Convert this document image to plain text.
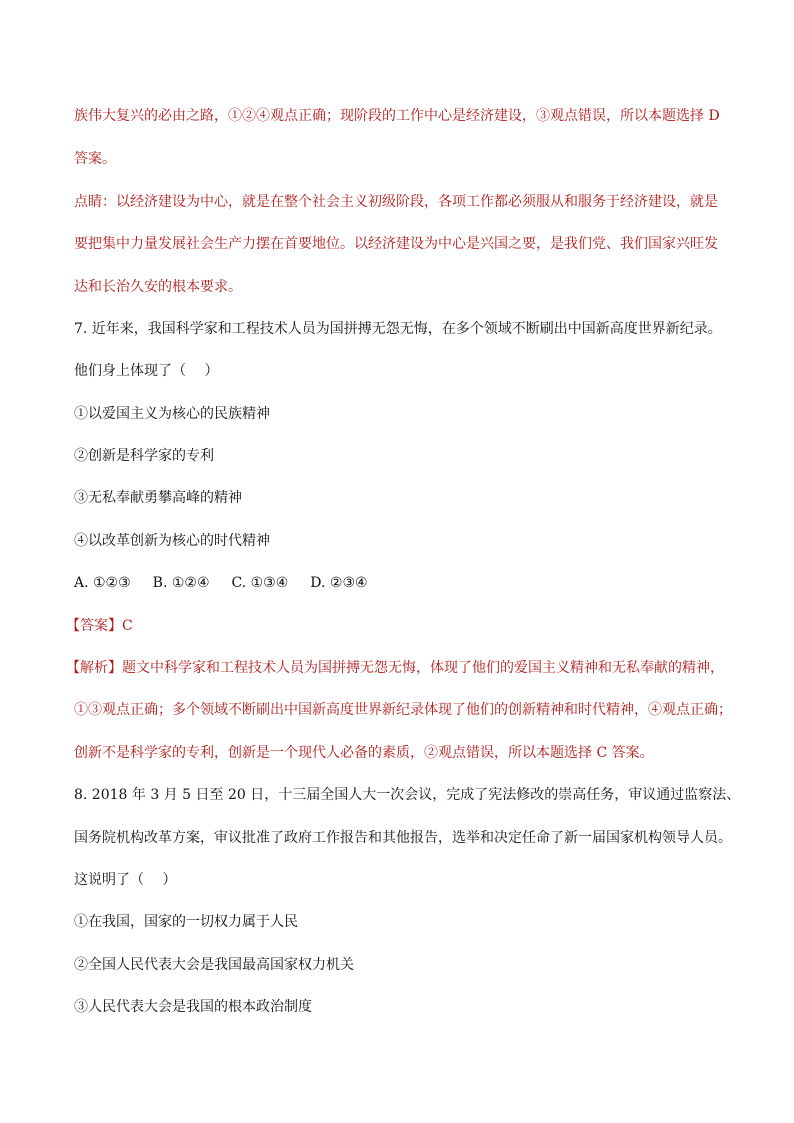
族伟大复兴的必由之路，①②④观点正确；现阶段的工作中心是经济建设，③观点错误，所以本题选择 D
答案。
点睛：以经济建设为中心，就是在整个社会主义初级阶段，各项工作都必须服从和服务于经济建设，就是
要把集中力量发展社会生产力摆在首要地位。以经济建设为中心是兴国之要，是我们党、我们国家兴旺发
达和长治久安的根本要求。
7. 近年来，我国科学家和工程技术人员为国拼搏无怨无悔，在多个领域不断刷出中国新高度世界新纪录。
他们身上体现了（　 ）
①以爱国主义为核心的民族精神
②创新是科学家的专利
③无私奉献勇攀高峰的精神
④以改革创新为核心的时代精神
A. ①②③ B. ①②④ C. ①③④ D. ②③④
【答案】C
【解析】题文中科学家和工程技术人员为国拼搏无怨无悔，体现了他们的爱国主义精神和无私奉献的精神，
①③观点正确；多个领域不断刷出中国新高度世界新纪录体现了他们的创新精神和时代精神，④观点正确；
创新不是科学家的专利，创新是一个现代人必备的素质，②观点错误，所以本题选择 C 答案。
8. 2018 年 3 月 5 日至 20 日，十三届全国人大一次会议，完成了宪法修改的崇高任务，审议通过监察法、
国务院机构改革方案，审议批准了政府工作报告和其他报告，选举和决定任命了新一届国家机构领导人员。
这说明了（　 ）
①在我国，国家的一切权力属于人民
②全国人民代表大会是我国最高国家权力机关
③人民代表大会是我国的根本政治制度
